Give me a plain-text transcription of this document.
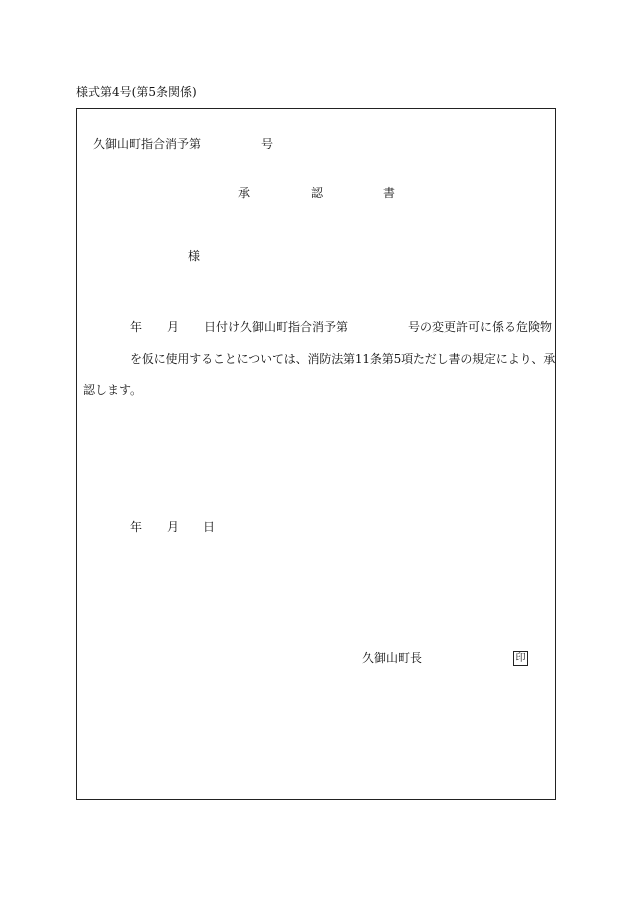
様式第4号(第5条関係)
久御山町指合消予第	号
承	認	書
様
年 月 日付け久御山町指合消予第	号の変更許可に係る危険物
を仮に使用することについては、消防法第11条第5項ただし書の規定により、承
認します。
年 月 日
久御山町長	印
